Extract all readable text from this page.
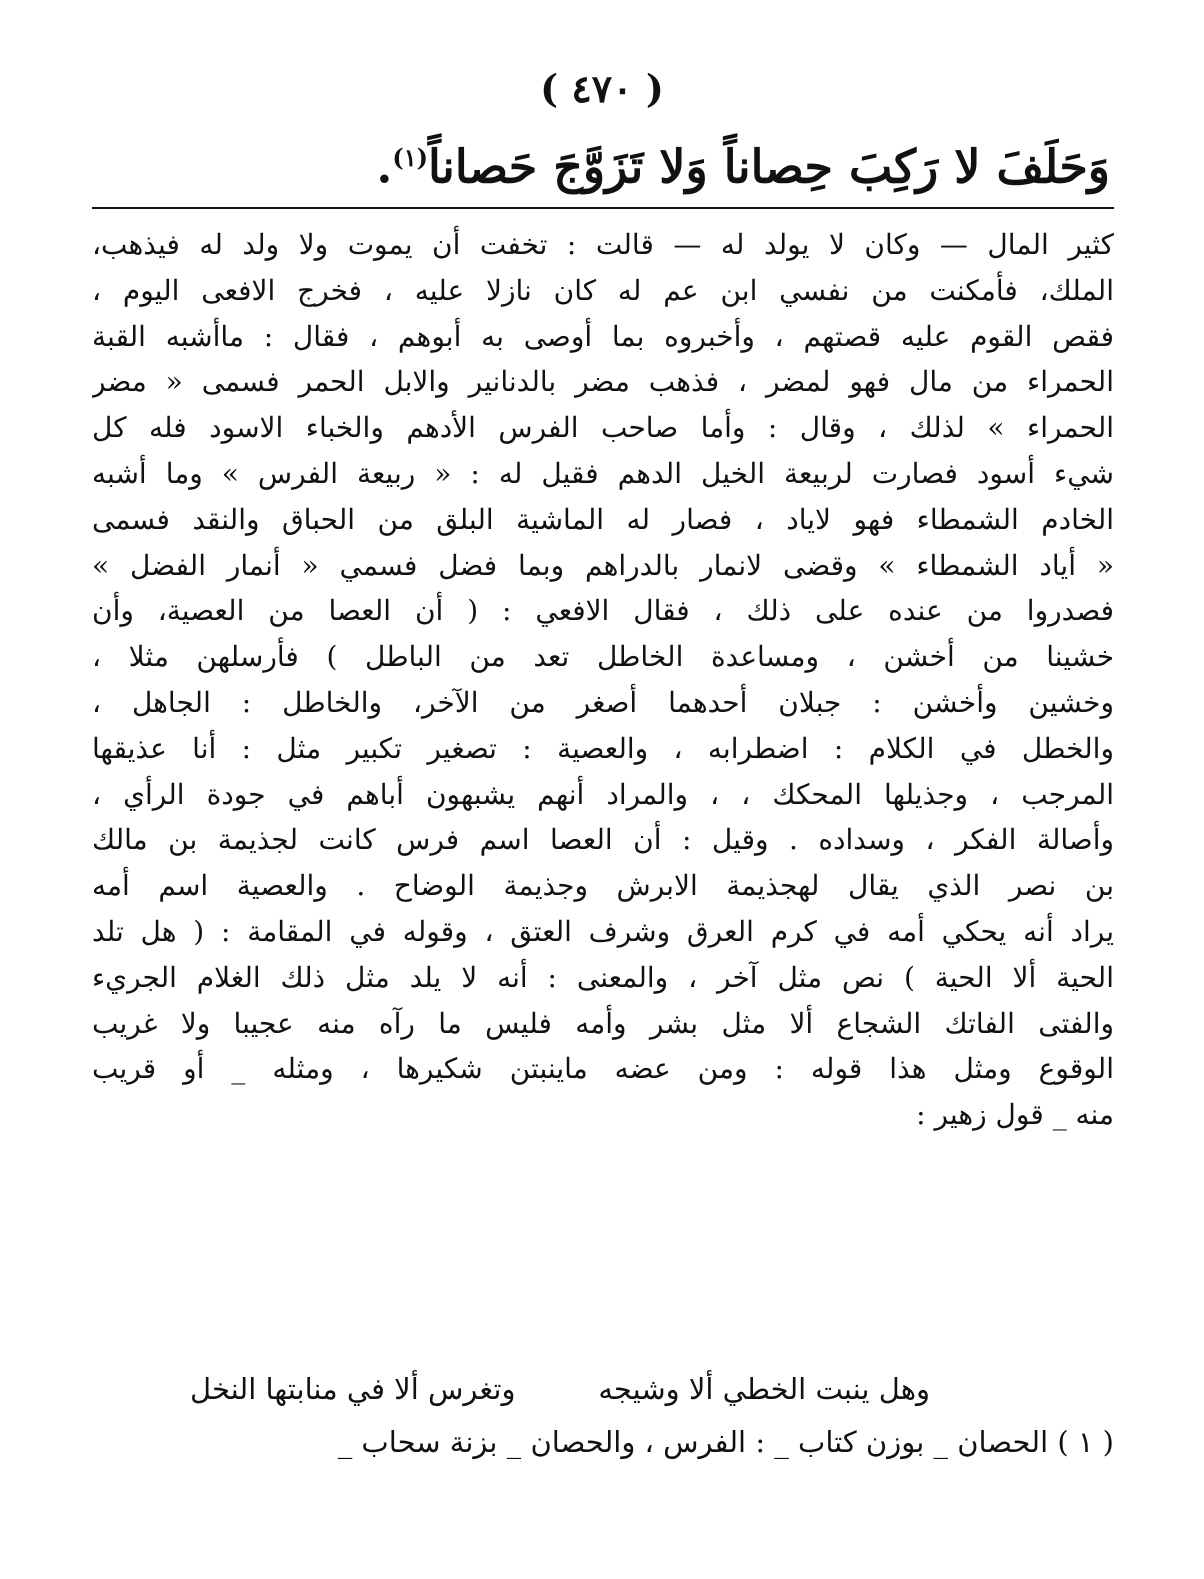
( ٤٧٠ )
وَحَلَفَ لا رَكِبَ حِصاناً وَلا تَزَوَّجَ حَصاناً$^{(١)}$.
كثير المال — وكان لا يولد له — قالت : تخفت أن يموت ولا ولد له فيذهب،
الملك، فأمكنت من نفسي ابن عم له كان نازلا عليه ، فخرج الافعى اليوم ،
فقص القوم عليه قصتهم ، وأخبروه بما أوصى به أبوهم ، فقال : ماأشبه القبة
الحمراء من مال فهو لمضر ، فذهب مضر بالدنانير والابل الحمر فسمى « مضر
الحمراء » لذلك ، وقال : وأما صاحب الفرس الأدهم والخباء الاسود فله كل
شيء أسود فصارت لربيعة الخيل الدهم فقيل له : « ربيعة الفرس » وما أشبه
الخادم الشمطاء فهو لاياد ، فصار له الماشية البلق من الحباق والنقد فسمى
« أياد الشمطاء » وقضى لانمار بالدراهم وبما فضل فسمي « أنمار الفضل »
فصدروا من عنده على ذلك ، فقال الافعي : ( أن العصا من العصية، وأن
خشينا من أخشن ، ومساعدة الخاطل تعد من الباطل ) فأرسلهن مثلا ،
وخشين وأخشن : جبلان أحدهما أصغر من الآخر، والخاطل : الجاهل ،
والخطل في الكلام : اضطرابه ، والعصية : تصغير تكبير مثل : أنا عذيقها
المرجب ، وجذيلها المحكك ، ، والمراد أنهم يشبهون أباهم في جودة الرأي ،
وأصالة الفكر ، وسداده . وقيل : أن العصا اسم فرس كانت لجذيمة بن مالك
بن نصر الذي يقال لهجذيمة الابرش وجذيمة الوضاح . والعصية اسم أمه
يراد أنه يحكي أمه في كرم العرق وشرف العتق ، وقوله في المقامة : ( هل تلد
الحية ألا الحية ) نص مثل آخر ، والمعنى : أنه لا يلد مثل ذلك الغلام الجريء
والفتى الفاتك الشجاع ألا مثل بشر وأمه فليس ما رآه منه عجيبا ولا غريب
الوقوع ومثل هذا قوله : ومن عضه ماينبتن شكيرها ، ومثله _ أو قريب
منه _ قول زهير :
وهل ينبت الخطي ألا وشيجه
وتغرس ألا في منابتها النخل
( ١ ) الحصان _ بوزن كتاب _ : الفرس ، والحصان _ بزنة سحاب _
